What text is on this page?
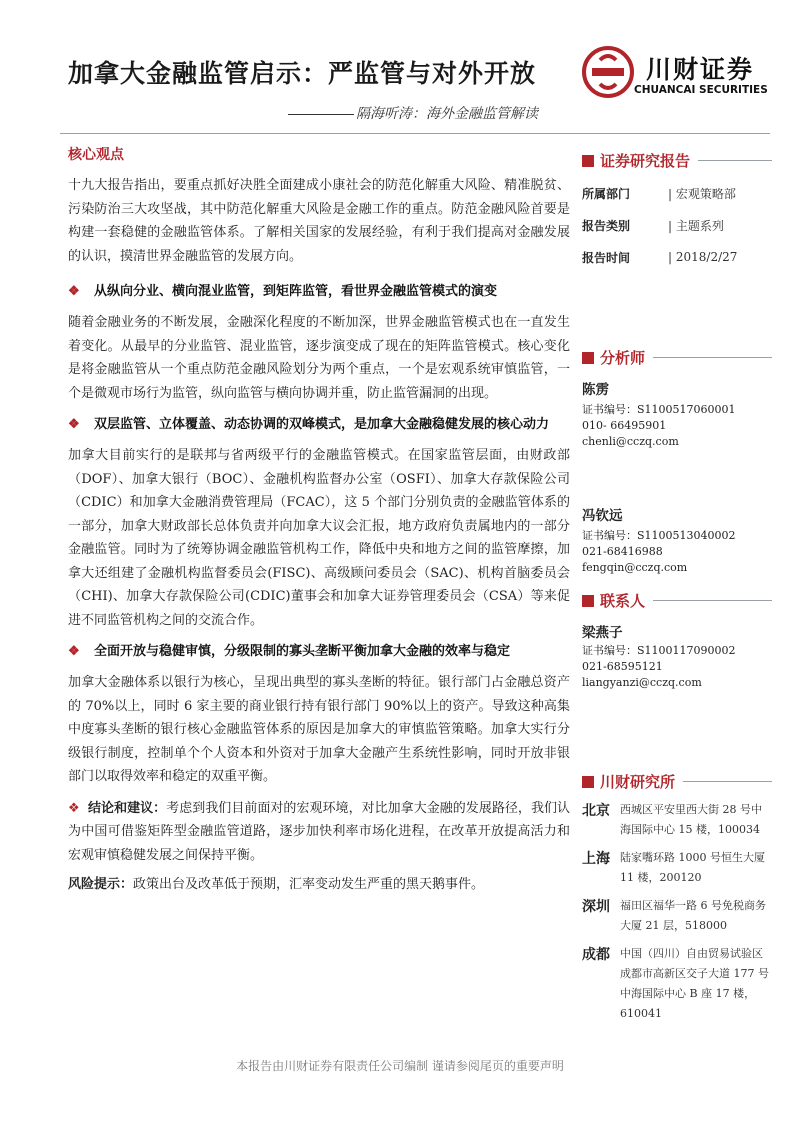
加拿大金融监管启示：严监管与对外开放
隔海听涛：海外金融监管解读
川财证券
CHUANCAI SECURITIES
核心观点

十九大报告指出，要重点抓好决胜全面建成小康社会的防范化解重大风险、精准脱贫、污染防治三大攻坚战，其中防范化解重大风险是金融工作的重点。防范金融风险首要是构建一套稳健的金融监管体系。了解相关国家的发展经验，有利于我们提高对金融发展的认识，摸清世界金融监管的发展方向。

❖ 从纵向分业、横向混业监管，到矩阵监管，看世界金融监管模式的演变

随着金融业务的不断发展，金融深化程度的不断加深，世界金融监管模式也在一直发生着变化。从最早的分业监管、混业监管，逐步演变成了现在的矩阵监管模式。核心变化是将金融监管从一个重点防范金融风险划分为两个重点，一个是宏观系统审慎监管，一个是微观市场行为监管，纵向监管与横向协调并重，防止监管漏洞的出现。

❖ 双层监管、立体覆盖、动态协调的双峰模式，是加拿大金融稳健发展的核心动力

加拿大目前实行的是联邦与省两级平行的金融监管模式。在国家监管层面，由财政部（DOF）、加拿大银行（BOC）、金融机构监督办公室（OSFI）、加拿大存款保险公司（CDIC）和加拿大金融消费管理局（FCAC），这 5 个部门分别负责的金融监管体系的一部分，加拿大财政部长总体负责并向加拿大议会汇报，地方政府负责属地内的一部分金融监管。同时为了统筹协调金融监管机构工作，降低中央和地方之间的监管摩擦，加拿大还组建了金融机构监督委员会(FISC)、高级顾问委员会（SAC)、机构首脑委员会（CHI)、加拿大存款保险公司(CDIC)董事会和加拿大证券管理委员会（CSA）等来促进不同监管机构之间的交流合作。

❖ 全面开放与稳健审慎，分级限制的寡头垄断平衡加拿大金融的效率与稳定

加拿大金融体系以银行为核心，呈现出典型的寡头垄断的特征。银行部门占金融总资产的 70%以上，同时 6 家主要的商业银行持有银行部门 90%以上的资产。导致这种高集中度寡头垄断的银行核心金融监管体系的原因是加拿大的审慎监管策略。加拿大实行分级银行制度，控制单个个人资本和外资对于加拿大金融产生系统性影响，同时开放非银部门以取得效率和稳定的双重平衡。

❖ 结论和建议：考虑到我们目前面对的宏观环境，对比加拿大金融的发展路径，我们认为中国可借鉴矩阵型金融监管道路，逐步加快利率市场化进程，在改革开放提高活力和宏观审慎稳健发展之间保持平衡。

风险提示：政策出台及改革低于预期，汇率变动发生严重的黑天鹅事件。

证券研究报告
所属部门	| 宏观策略部
报告类别	| 主题系列
报告时间	| 2018/2/27
分析师
陈雳
证书编号：S1100517060001
010- 66495901
chenli@cczq.com
冯钦远
证书编号：S1100513040002
021-68416988
fengqin@cczq.com
联系人
梁燕子
证书编号：S1100117090002
021-68595121
liangyanzi@cczq.com
川财研究所
北京 西城区平安里西大街 28 号中海国际中心 15 楼，100034
上海 陆家嘴环路 1000 号恒生大厦 11 楼，200120
深圳 福田区福华一路 6 号免税商务大厦 21 层，518000
成都 中国（四川）自由贸易试验区成都市高新区交子大道 177 号中海国际中心 B 座 17 楼，610041
本报告由川财证券有限责任公司编制 谨请参阅尾页的重要声明
